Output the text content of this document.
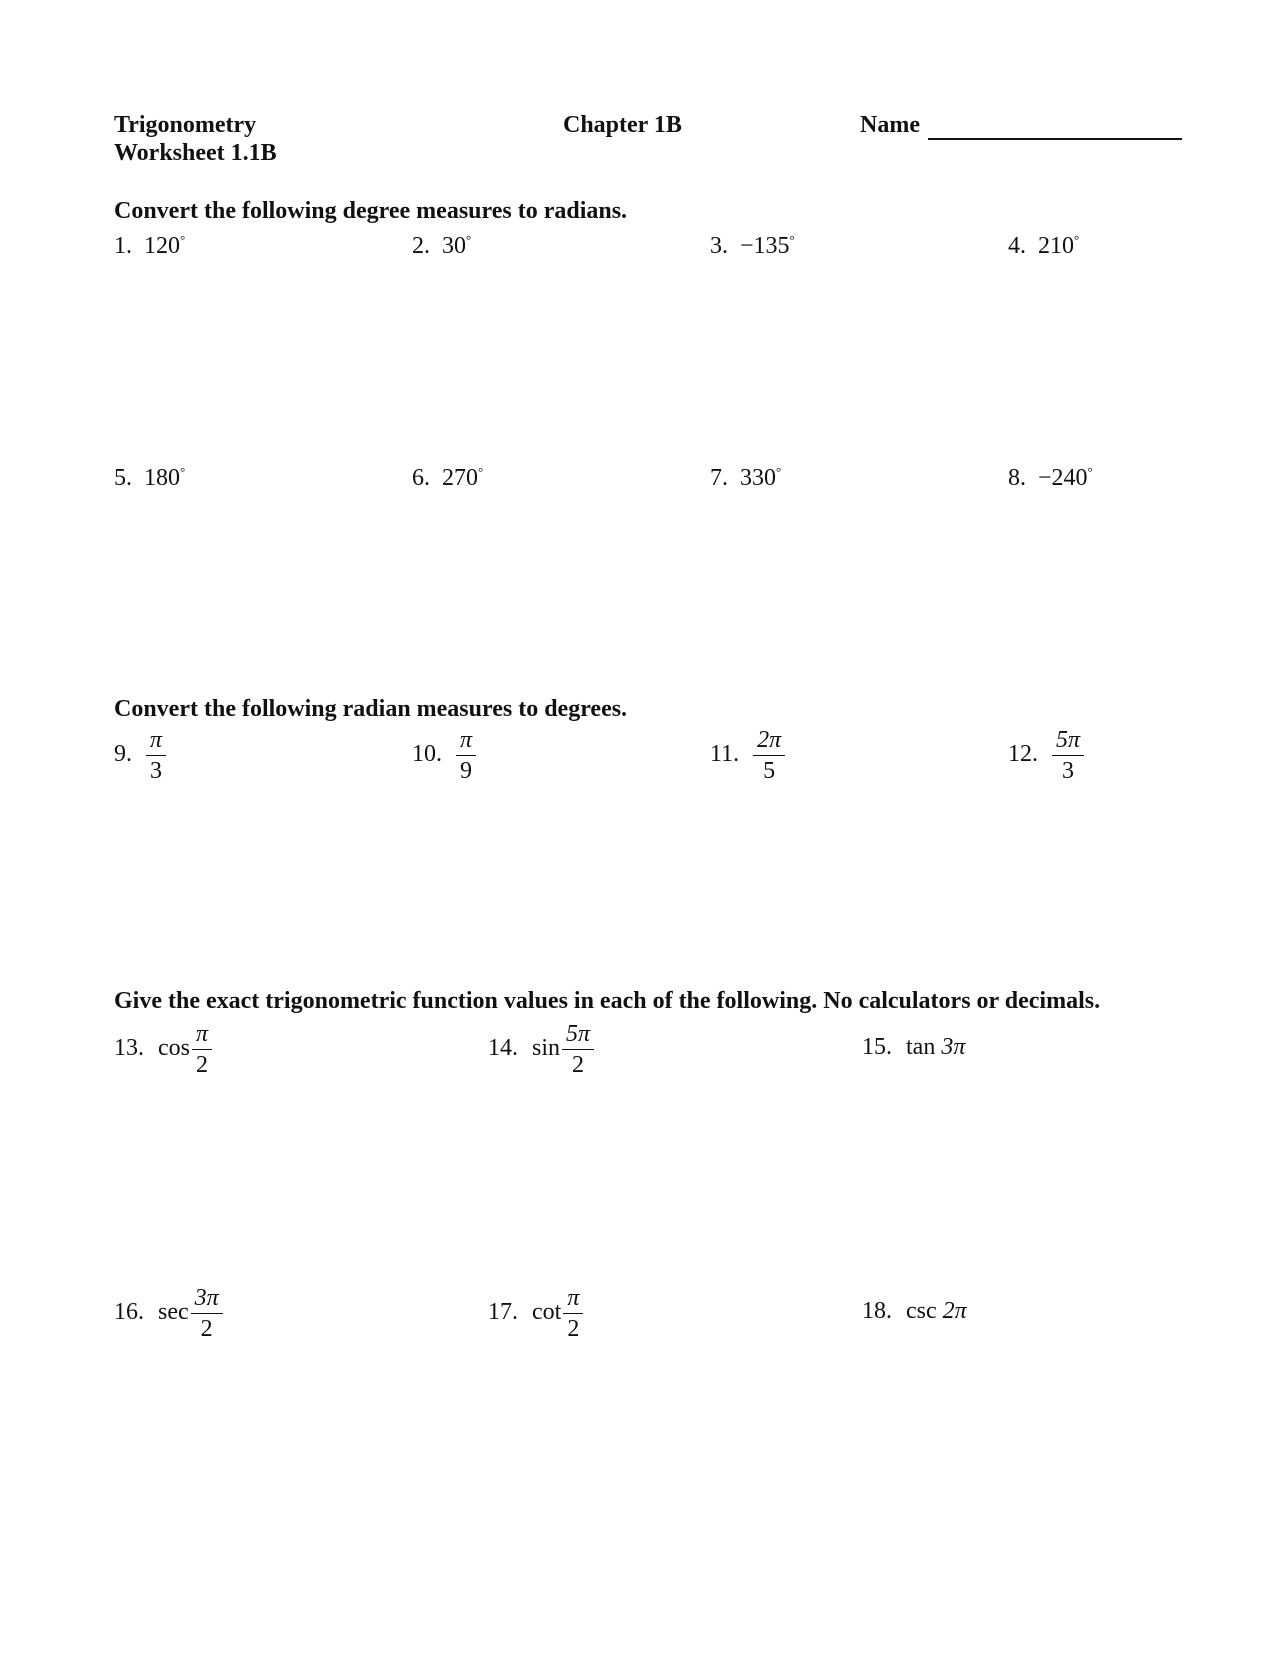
Trigonometry
Worksheet 1.1B
Chapter 1B	Name
Convert the following degree measures to radians.
1. 120°	2. 30°	3. −135°	4. 210°
5. 180°	6. 270°	7. 330°	8. −240°
Convert the following radian measures to degrees.
9. $\frac{\pi}{3}$	10. $\frac{\pi}{9}$	11. $\frac{2\pi}{5}$	12. $\frac{5\pi}{3}$
Give the exact trigonometric function values in each of the following. No calculators or decimals.
13. $\cos \frac{\pi}{2}$	14. $\sin \frac{5\pi}{2}$	15. tan 3π
16. $\sec \frac{3\pi}{2}$	17. $\cot \frac{\pi}{2}$	18. csc 2π
